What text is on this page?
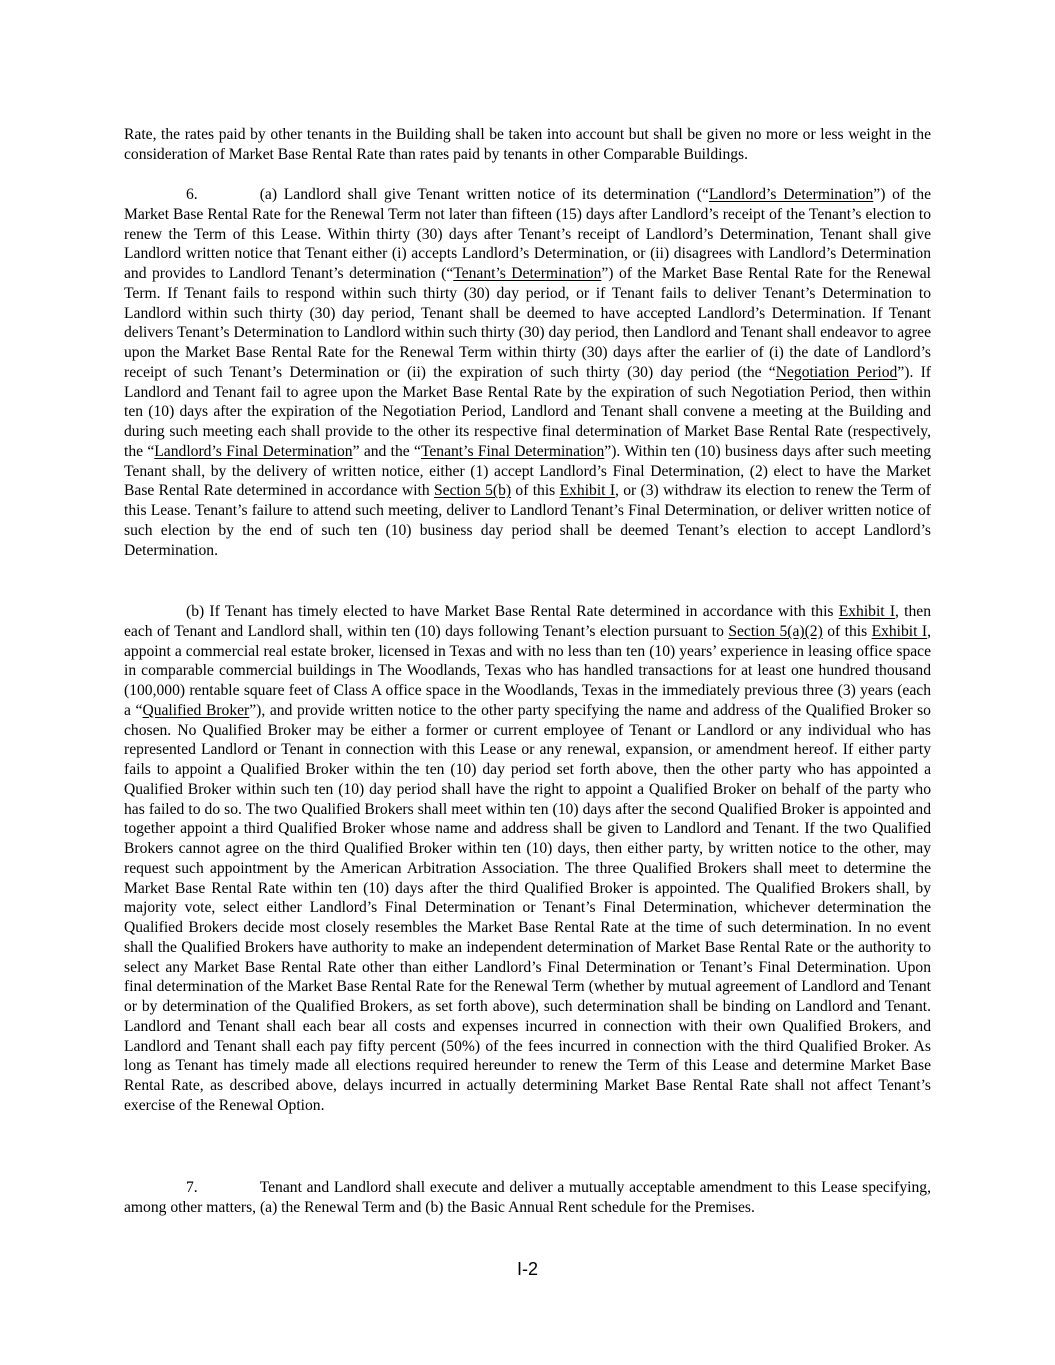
Rate, the rates paid by other tenants in the Building shall be taken into account but shall be given no more or less weight in the consideration of Market Base Rental Rate than rates paid by tenants in other Comparable Buildings.

6.	(a) Landlord shall give Tenant written notice of its determination (“Landlord’s Determination”) of the Market Base Rental Rate for the Renewal Term not later than fifteen (15) days after Landlord’s receipt of the Tenant’s election to renew the Term of this Lease. Within thirty (30) days after Tenant’s receipt of Landlord’s Determination, Tenant shall give Landlord written notice that Tenant either (i) accepts Landlord’s Determination, or (ii) disagrees with Landlord’s Determination and provides to Landlord Tenant’s determination (“Tenant’s Determination”) of the Market Base Rental Rate for the Renewal Term. If Tenant fails to respond within such thirty (30) day period, or if Tenant fails to deliver Tenant’s Determination to Landlord within such thirty (30) day period, Tenant shall be deemed to have accepted Landlord’s Determination. If Tenant delivers Tenant’s Determination to Landlord within such thirty (30) day period, then Landlord and Tenant shall endeavor to agree upon the Market Base Rental Rate for the Renewal Term within thirty (30) days after the earlier of (i) the date of Landlord’s receipt of such Tenant’s Determination or (ii) the expiration of such thirty (30) day period (the “Negotiation Period”). If Landlord and Tenant fail to agree upon the Market Base Rental Rate by the expiration of such Negotiation Period, then within ten (10) days after the expiration of the Negotiation Period, Landlord and Tenant shall convene a meeting at the Building and during such meeting each shall provide to the other its respective final determination of Market Base Rental Rate (respectively, the “Landlord’s Final Determination” and the “Tenant’s Final Determination”). Within ten (10) business days after such meeting Tenant shall, by the delivery of written notice, either (1) accept Landlord’s Final Determination, (2) elect to have the Market Base Rental Rate determined in accordance with Section 5(b) of this Exhibit I, or (3) withdraw its election to renew the Term of this Lease. Tenant’s failure to attend such meeting, deliver to Landlord Tenant’s Final Determination, or deliver written notice of such election by the end of such ten (10) business day period shall be deemed Tenant’s election to accept Landlord’s Determination.

(b) If Tenant has timely elected to have Market Base Rental Rate determined in accordance with this Exhibit I, then each of Tenant and Landlord shall, within ten (10) days following Tenant’s election pursuant to Section 5(a)(2) of this Exhibit I, appoint a commercial real estate broker, licensed in Texas and with no less than ten (10) years’ experience in leasing office space in comparable commercial buildings in The Woodlands, Texas who has handled transactions for at least one hundred thousand (100,000) rentable square feet of Class A office space in the Woodlands, Texas in the immediately previous three (3) years (each a “Qualified Broker”), and provide written notice to the other party specifying the name and address of the Qualified Broker so chosen. No Qualified Broker may be either a former or current employee of Tenant or Landlord or any individual who has represented Landlord or Tenant in connection with this Lease or any renewal, expansion, or amendment hereof. If either party fails to appoint a Qualified Broker within the ten (10) day period set forth above, then the other party who has appointed a Qualified Broker within such ten (10) day period shall have the right to appoint a Qualified Broker on behalf of the party who has failed to do so. The two Qualified Brokers shall meet within ten (10) days after the second Qualified Broker is appointed and together appoint a third Qualified Broker whose name and address shall be given to Landlord and Tenant. If the two Qualified Brokers cannot agree on the third Qualified Broker within ten (10) days, then either party, by written notice to the other, may request such appointment by the American Arbitration Association. The three Qualified Brokers shall meet to determine the Market Base Rental Rate within ten (10) days after the third Qualified Broker is appointed. The Qualified Brokers shall, by majority vote, select either Landlord’s Final Determination or Tenant’s Final Determination, whichever determination the Qualified Brokers decide most closely resembles the Market Base Rental Rate at the time of such determination. In no event shall the Qualified Brokers have authority to make an independent determination of Market Base Rental Rate or the authority to select any Market Base Rental Rate other than either Landlord’s Final Determination or Tenant’s Final Determination. Upon final determination of the Market Base Rental Rate for the Renewal Term (whether by mutual agreement of Landlord and Tenant or by determination of the Qualified Brokers, as set forth above), such determination shall be binding on Landlord and Tenant. Landlord and Tenant shall each bear all costs and expenses incurred in connection with their own Qualified Brokers, and Landlord and Tenant shall each pay fifty percent (50%) of the fees incurred in connection with the third Qualified Broker. As long as Tenant has timely made all elections required hereunder to renew the Term of this Lease and determine Market Base Rental Rate, as described above, delays incurred in actually determining Market Base Rental Rate shall not affect Tenant’s exercise of the Renewal Option.

7.	Tenant and Landlord shall execute and deliver a mutually acceptable amendment to this Lease specifying, among other matters, (a) the Renewal Term and (b) the Basic Annual Rent schedule for the Premises.

I-2
